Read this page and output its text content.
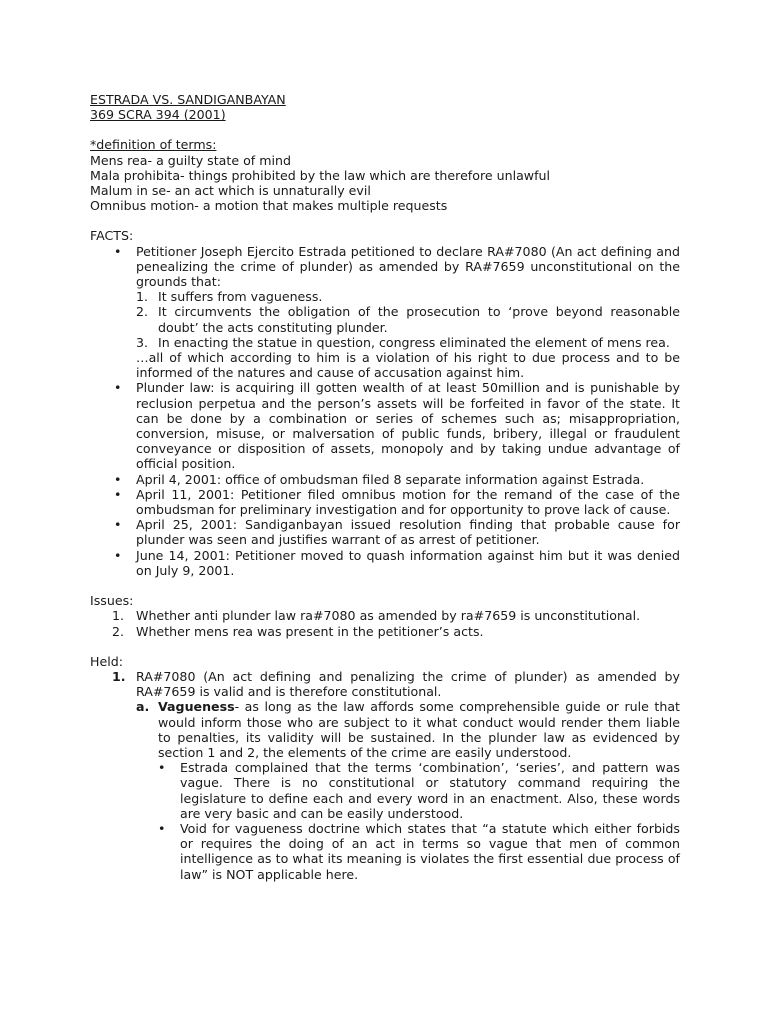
ESTRADA VS. SANDIGANBAYAN
369 SCRA 394 (2001)
*definition of terms:
Mens rea- a guilty state of mind
Mala prohibita- things prohibited by the law which are therefore unlawful
Malum in se- an act which is unnaturally evil
Omnibus motion- a motion that makes multiple requests
FACTS:
• Petitioner Joseph Ejercito Estrada petitioned to declare RA#7080 (An act defining and penealizing the crime of plunder) as amended by RA#7659 unconstitutional on the grounds that:
1. It suffers from vagueness.
2. It circumvents the obligation of the prosecution to ‘prove beyond reasonable doubt’ the acts constituting plunder.
3. In enacting the statue in question, congress eliminated the element of mens rea.
…all of which according to him is a violation of his right to due process and to be informed of the natures and cause of accusation against him.
• Plunder law: is acquiring ill gotten wealth of at least 50million and is punishable by reclusion perpetua and the person’s assets will be forfeited in favor of the state. It can be done by a combination or series of schemes such as; misappropriation, conversion, misuse, or malversation of public funds, bribery, illegal or fraudulent conveyance or disposition of assets, monopoly and by taking undue advantage of official position.
• April 4, 2001: office of ombudsman filed 8 separate information against Estrada.
• April 11, 2001: Petitioner filed omnibus motion for the remand of the case of the ombudsman for preliminary investigation and for opportunity to prove lack of cause.
• April 25, 2001: Sandiganbayan issued resolution finding that probable cause for plunder was seen and justifies warrant of as arrest of petitioner.
• June 14, 2001: Petitioner moved to quash information against him but it was denied on July 9, 2001.
Issues:
1. Whether anti plunder law ra#7080 as amended by ra#7659 is unconstitutional.
2. Whether mens rea was present in the petitioner’s acts.
Held:
1. RA#7080 (An act defining and penalizing the crime of plunder) as amended by RA#7659 is valid and is therefore constitutional.
a. Vagueness- as long as the law affords some comprehensible guide or rule that would inform those who are subject to it what conduct would render them liable to penalties, its validity will be sustained. In the plunder law as evidenced by section 1 and 2, the elements of the crime are easily understood.
• Estrada complained that the terms ‘combination’, ‘series’, and pattern was vague. There is no constitutional or statutory command requiring the legislature to define each and every word in an enactment. Also, these words are very basic and can be easily understood.
• Void for vagueness doctrine which states that “a statute which either forbids or requires the doing of an act in terms so vague that men of common intelligence as to what its meaning is violates the first essential due process of law” is NOT applicable here.
